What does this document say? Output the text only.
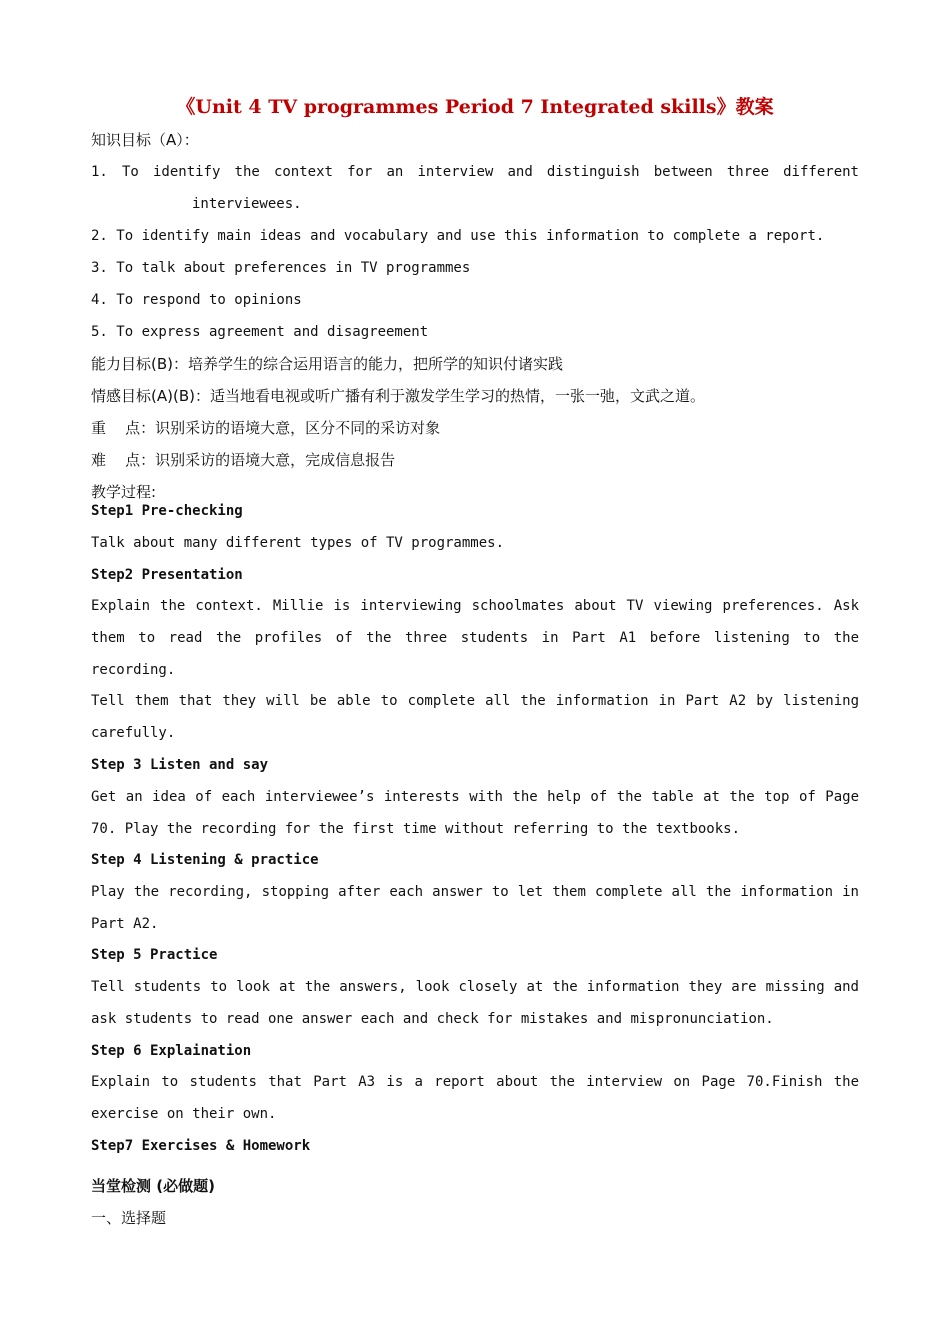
《Unit 4 TV programmes Period 7 Integrated skills》教案
知识目标（A）：
1. To identify the context for an interview and distinguish between three different
interviewees.
2. To identify main ideas and vocabulary and use this information to complete a report.
3. To talk about preferences in TV programmes
4. To respond to opinions
5. To express agreement and disagreement
能力目标(B)：培养学生的综合运用语言的能力，把所学的知识付诸实践
情感目标(A)(B)：适当地看电视或听广播有利于激发学生学习的热情，一张一弛，文武之道。
重    点：识别采访的语境大意，区分不同的采访对象
难    点：识别采访的语境大意，完成信息报告
教学过程:
Step1 Pre-checking
Talk about many different types of TV programmes.
Step2 Presentation
Explain the context. Millie is interviewing schoolmates about TV viewing preferences. Ask
them to read the profiles of the three students in Part A1 before listening to the
recording.
Tell them that they will be able to complete all the information in Part A2 by listening
carefully.
Step 3 Listen and say
Get an idea of each interviewee’s interests with the help of the table at the top of Page
70. Play the recording for the first time without referring to the textbooks.
Step 4 Listening & practice
Play the recording, stopping after each answer to let them complete all the information in
Part A2.
Step 5 Practice
Tell students to look at the answers, look closely at the information they are missing and
ask students to read one answer each and check for mistakes and mispronunciation.
Step 6 Explaination
Explain to students that Part A3 is a report about the interview on Page 70.Finish the
exercise on their own.
Step7 Exercises & Homework
当堂检测 (必做题)
一、选择题
